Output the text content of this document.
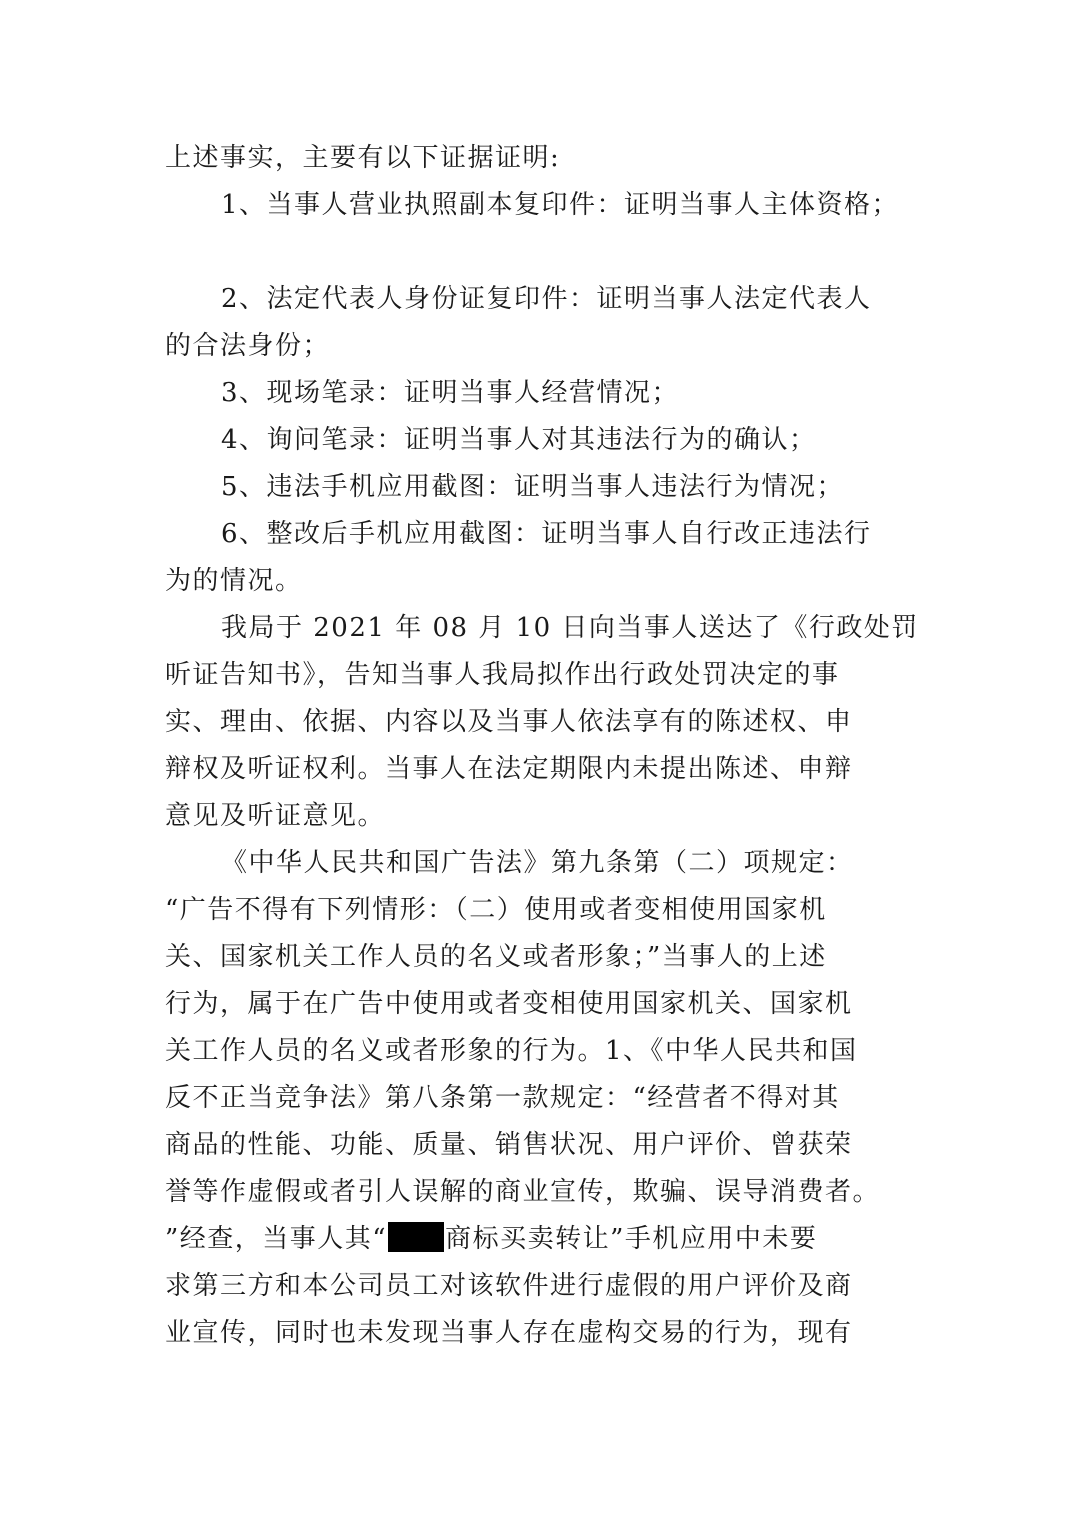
上述事实，主要有以下证据证明:
1、当事人营业执照副本复印件：证明当事人主体资格；
2、法定代表人身份证复印件：证明当事人法定代表人
的合法身份；
3、现场笔录：证明当事人经营情况；
4、询问笔录：证明当事人对其违法行为的确认；
5、违法手机应用截图：证明当事人违法行为情况；
6、整改后手机应用截图：证明当事人自行改正违法行
为的情况。
我局于 2021 年 08 月 10 日向当事人送达了《行政处罚
听证告知书》，告知当事人我局拟作出行政处罚决定的事
实、理由、依据、内容以及当事人依法享有的陈述权、申
辩权及听证权利。当事人在法定期限内未提出陈述、申辩
意见及听证意见。
《中华人民共和国广告法》第九条第（二）项规定：
“广告不得有下列情形：（二）使用或者变相使用国家机
关、国家机关工作人员的名义或者形象；”当事人的上述
行为，属于在广告中使用或者变相使用国家机关、国家机
关工作人员的名义或者形象的行为。1、《中华人民共和国
反不正当竞争法》第八条第一款规定：“经营者不得对其
商品的性能、功能、质量、销售状况、用户评价、曾获荣
誉等作虚假或者引人误解的商业宣传，欺骗、误导消费者。
”经查，当事人其“ 商标买卖转让”手机应用中未要
求第三方和本公司员工对该软件进行虚假的用户评价及商
业宣传，同时也未发现当事人存在虚构交易的行为，现有
